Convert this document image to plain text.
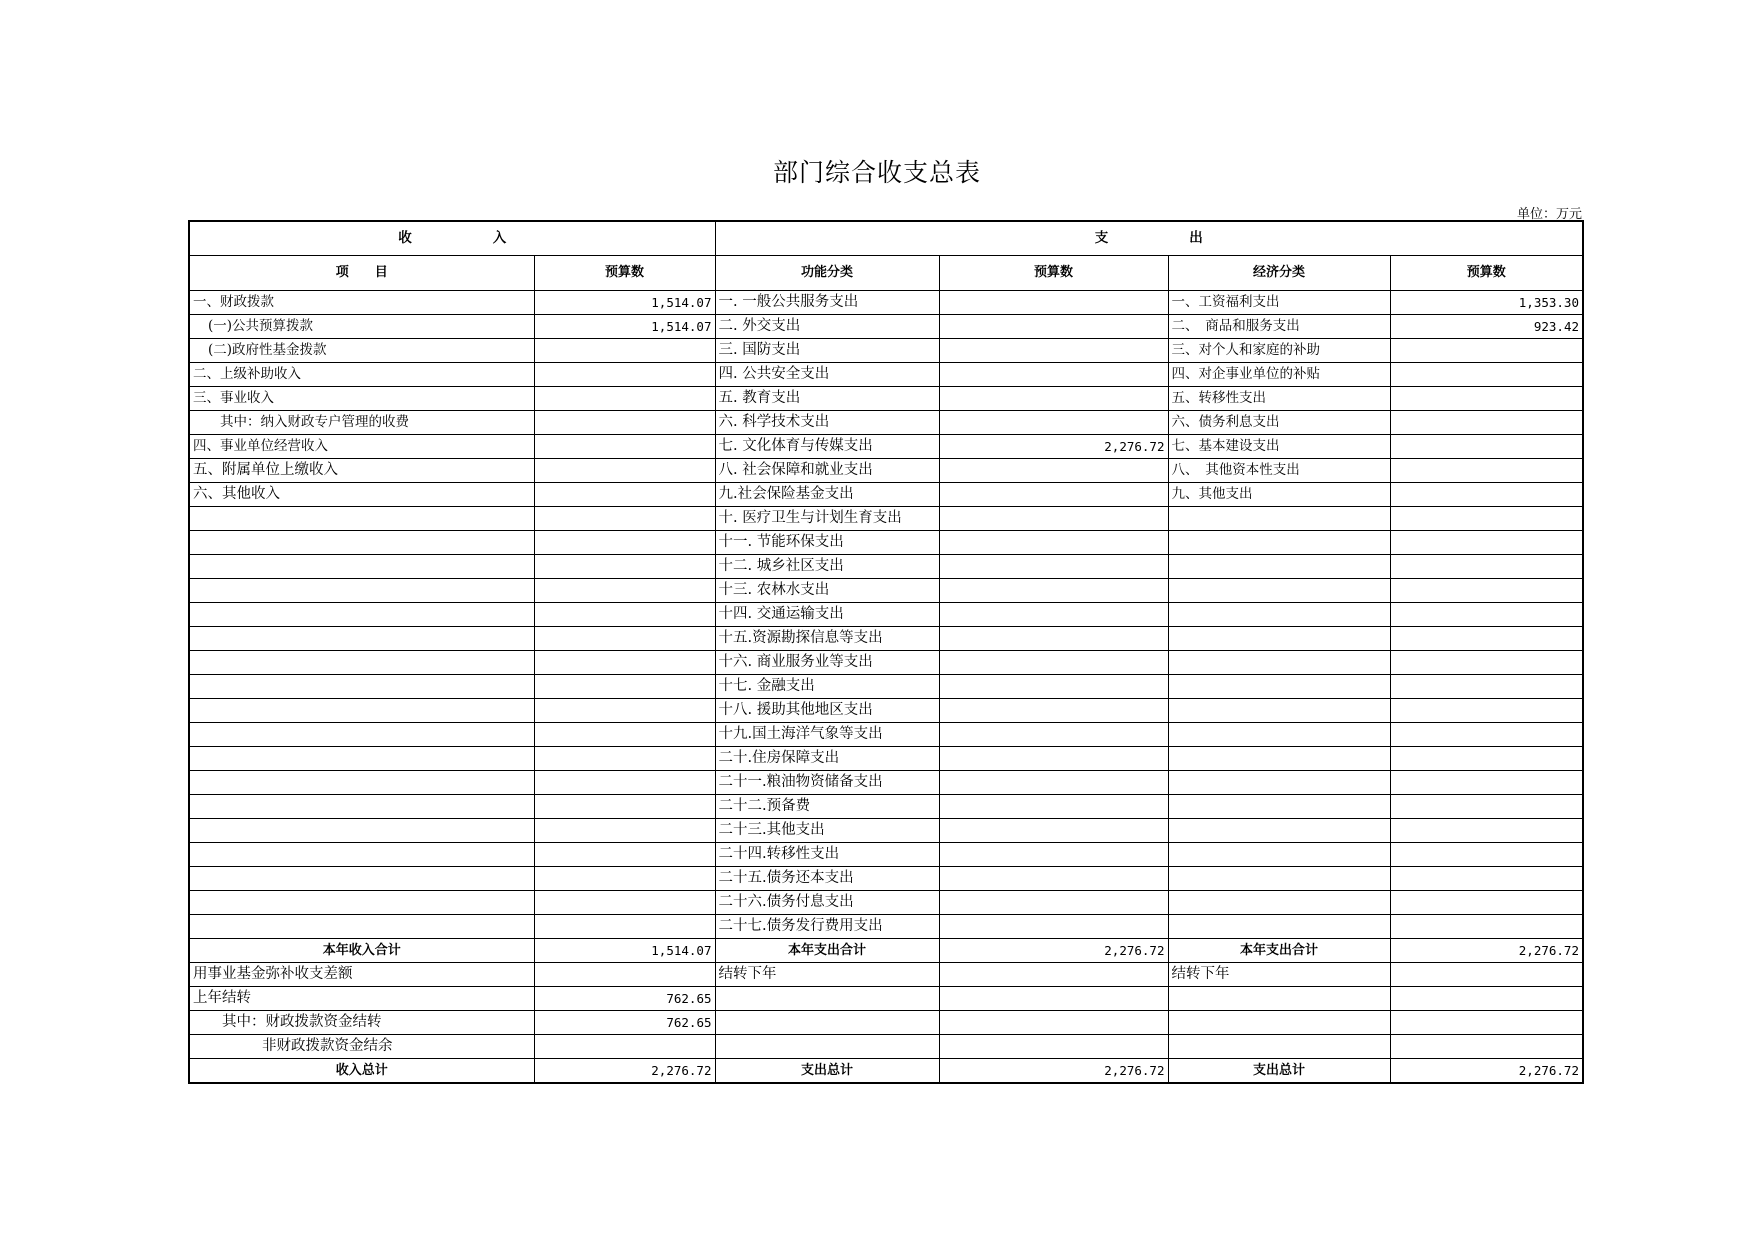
部门综合收支总表
单位：万元
收　　　　　　入		支　　　　　　出			
项　　目	预算数	功能分类	预算数	经济分类	预算数
一、财政拨款	1,514.07	一. 一般公共服务支出		一、工资福利支出	1,353.30
(一)公共预算拨款	1,514.07	二. 外交支出		二、　商品和服务支出	923.42
(二)政府性基金拨款		三. 国防支出		三、对个人和家庭的补助	
二、上级补助收入		四. 公共安全支出		四、对企事业单位的补贴	
三、事业收入		五. 教育支出		五、转移性支出	
其中：纳入财政专户管理的收费		六. 科学技术支出		六、债务利息支出	
四、事业单位经营收入		七. 文化体育与传媒支出	2,276.72	七、基本建设支出	
五、附属单位上缴收入		八. 社会保障和就业支出		八、　其他资本性支出	
六、其他收入		九.社会保险基金支出		九、其他支出	
		十. 医疗卫生与计划生育支出			
		十一. 节能环保支出			
		十二. 城乡社区支出			
		十三. 农林水支出			
		十四. 交通运输支出			
		十五.资源勘探信息等支出			
		十六. 商业服务业等支出			
		十七. 金融支出			
		十八. 援助其他地区支出			
		十九.国土海洋气象等支出			
		二十.住房保障支出			
		二十一.粮油物资储备支出			
		二十二.预备费			
		二十三.其他支出			
		二十四.转移性支出			
		二十五.债务还本支出			
		二十六.债务付息支出			
		二十七.债务发行费用支出			
本年收入合计	1,514.07	本年支出合计	2,276.72	本年支出合计	2,276.72
用事业基金弥补收支差额		结转下年		结转下年	
上年结转	762.65				
其中：财政拨款资金结转	762.65				
非财政拨款资金结余					
收入总计	2,276.72	支出总计	2,276.72	支出总计	2,276.72
